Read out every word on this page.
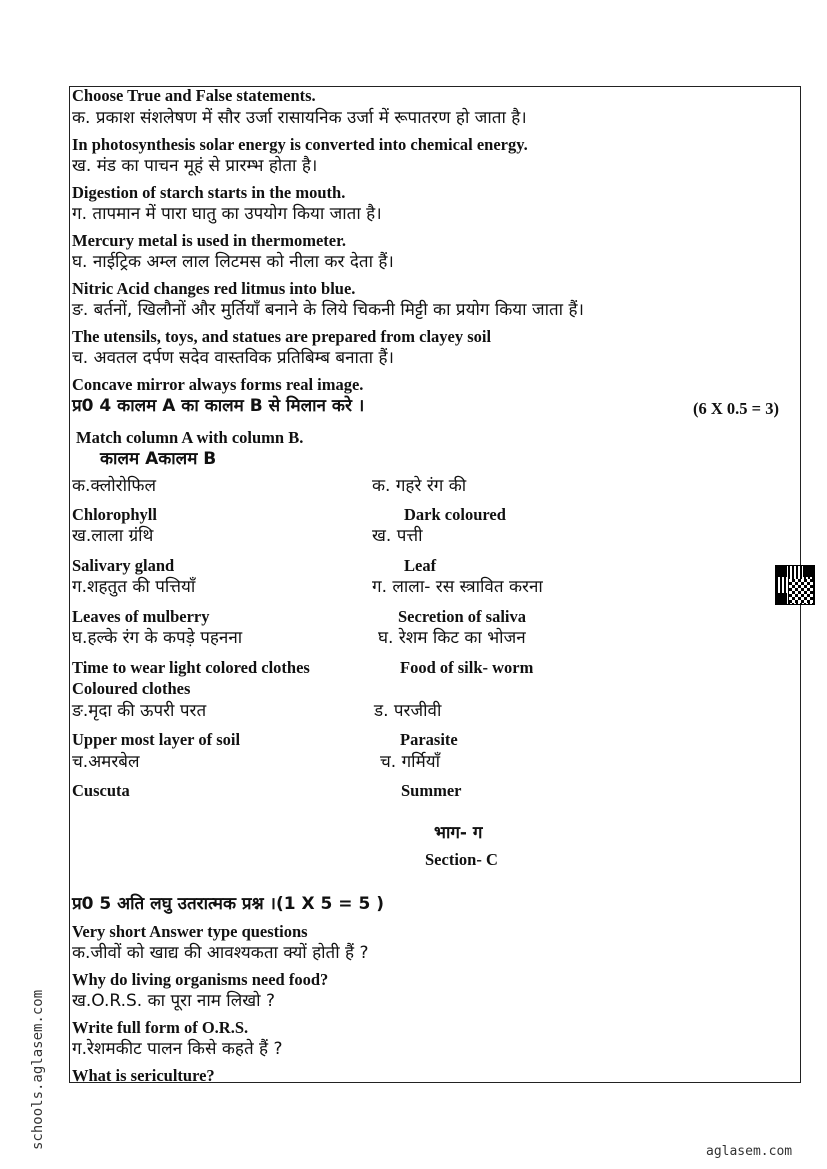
Choose True and False statements.
क. प्रकाश संशलेषण में सौर उर्जा रासायनिक उर्जा में रूपातरण हो जाता है।
In photosynthesis solar energy is converted into chemical energy.
ख. मंड का पाचन मूहं से प्रारम्भ होता है।
Digestion of starch starts in the mouth.
ग. तापमान में पारा घातु का उपयोग किया जाता है।
Mercury metal is used in thermometer.
घ. नाईट्रिक अम्ल लाल लिटमस को नीला कर देता हैं।
Nitric Acid changes red litmus into blue.
ङ. बर्तनों, खिलौनों और मुर्तियाँ बनाने के लिये चिकनी मिट्टी का प्रयोग किया जाता हैं।
The utensils, toys, and statues are prepared from clayey soil
च. अवतल दर्पण सदेव वास्तविक प्रतिबिम्ब बनाता हैं।
Concave mirror always forms real image.
प्र0 4 कालम A का कालम B से मिलान करे ।	(6 X 0.5 = 3)
Match column A with column B.
कालम Aकालम B
क.क्लोरोफिल	क. गहरे रंग की
Chlorophyll	Dark coloured
ख.लाला ग्रंथि	ख. पत्ती
Salivary gland	Leaf
ग.शहतुत की पत्तियाँ	ग. लाला- रस स्त्रावित करना
Leaves of mulberry	Secretion of saliva
घ.हल्के रंग के कपड़े पहनना	घ. रेशम किट का भोजन
Time to wear light colored clothes	Food of silk- worm
Coloured clothes
ङ.मृदा की ऊपरी परत	ड. परजीवी
Upper most layer of soil	Parasite
च.अमरबेल	च. गर्मियाँ
Cuscuta	Summer
भाग- ग
Section- C
प्र0 5 अति लघु उतरात्मक प्रश्न ।(1 X 5 = 5 )
Very short Answer type questions
क.जीवों को खाद्य की आवश्यकता क्यों होती हैं ?
Why do living organisms need food?
ख.O.R.S. का पूरा नाम लिखो ?
Write full form of O.R.S.
ग.रेशमकीट पालन किसे कहते हैं ?
What is sericulture?
schools.aglasem.com
aglasem.com
